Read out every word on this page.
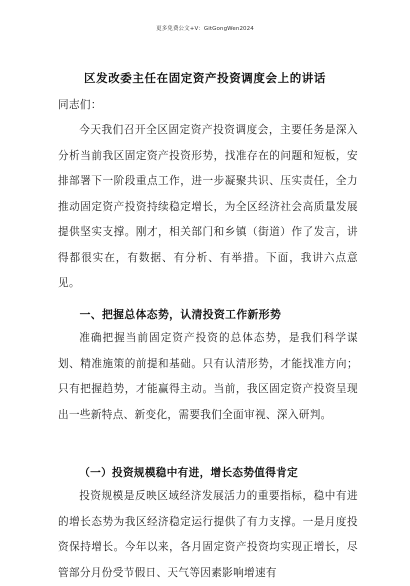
更多免费公文+V：GitGongWen2024
区发改委主任在固定资产投资调度会上的讲话
同志们：

今天我们召开全区固定资产投资调度会，主要任务是深入分析当前我区固定资产投资形势，找准存在的问题和短板，安排部署下一阶段重点工作，进一步凝聚共识、压实责任，全力推动固定资产投资持续稳定增长，为全区经济社会高质量发展提供坚实支撑。刚才，相关部门和乡镇（街道）作了发言，讲得都很实在，有数据、有分析、有举措。下面，我讲六点意见。

一、把握总体态势，认清投资工作新形势

准确把握当前固定资产投资的总体态势，是我们科学谋划、精准施策的前提和基础。只有认清形势，才能找准方向；只有把握趋势，才能赢得主动。当前，我区固定资产投资呈现出一些新特点、新变化，需要我们全面审视、深入研判。

（一）投资规模稳中有进，增长态势值得肯定

投资规模是反映区域经济发展活力的重要指标，稳中有进的增长态势为我区经济稳定运行提供了有力支撑。一是月度投资保持增长。今年以来，各月固定资产投资均实现正增长，尽管部分月份受节假日、天气等因素影响增速有
